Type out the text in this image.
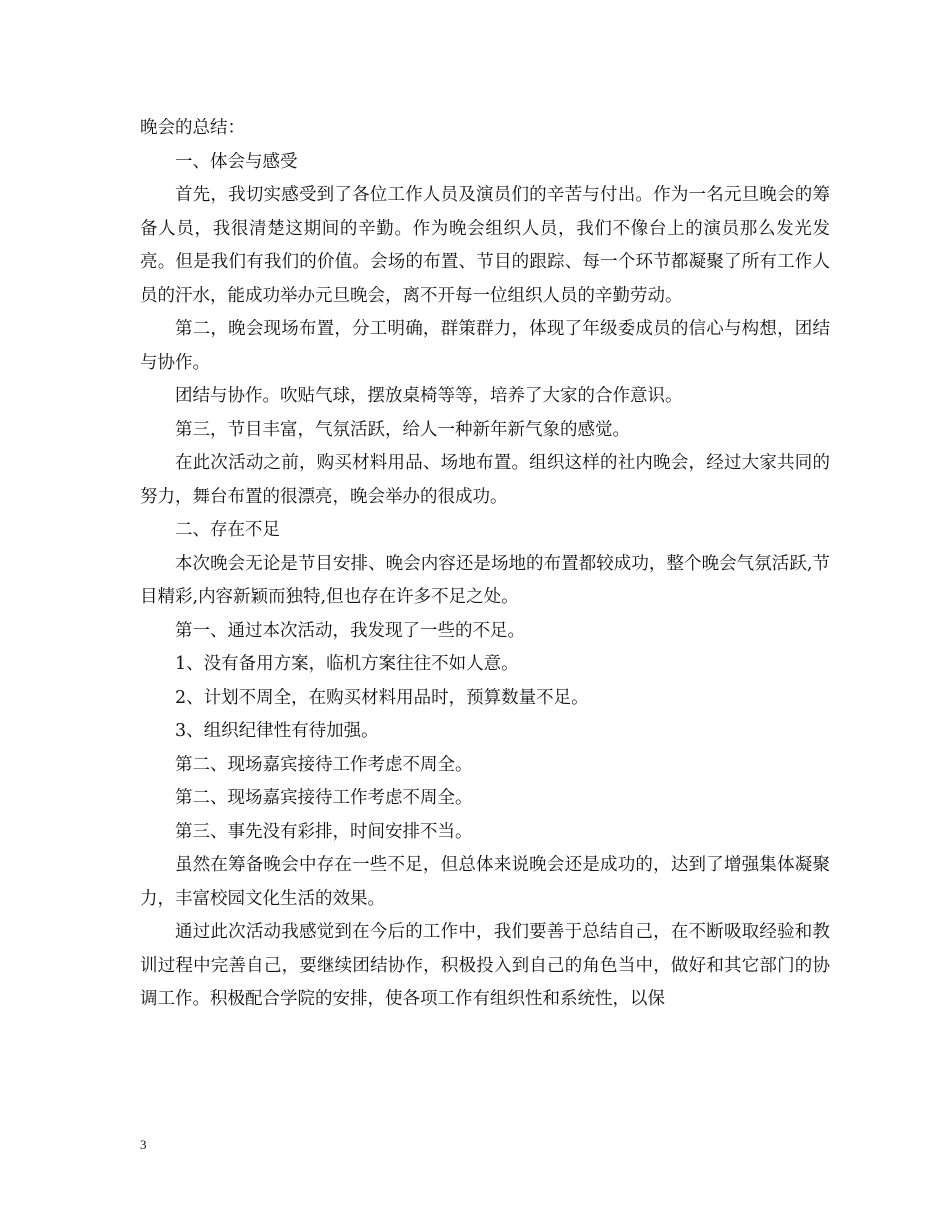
晚会的总结：

一、体会与感受

首先，我切实感受到了各位工作人员及演员们的辛苦与付出。作为一名元旦晚会的筹备人员，我很清楚这期间的辛勤。作为晚会组织人员，我们不像台上的演员那么发光发亮。但是我们有我们的价值。会场的布置、节目的跟踪、每一个环节都凝聚了所有工作人员的汗水，能成功举办元旦晚会，离不开每一位组织人员的辛勤劳动。

第二，晚会现场布置，分工明确，群策群力，体现了年级委成员的信心与构想，团结与协作。

团结与协作。吹贴气球，摆放桌椅等等，培养了大家的合作意识。

第三，节目丰富，气氛活跃，给人一种新年新气象的感觉。

在此次活动之前，购买材料用品、场地布置。组织这样的社内晚会，经过大家共同的努力，舞台布置的很漂亮，晚会举办的很成功。

二、存在不足

本次晚会无论是节目安排、晚会内容还是场地的布置都较成功，整个晚会气氛活跃,节目精彩,内容新颖而独特,但也存在许多不足之处。

第一、通过本次活动，我发现了一些的不足。

1、没有备用方案，临机方案往往不如人意。

2、计划不周全，在购买材料用品时，预算数量不足。

3、组织纪律性有待加强。

第二、现场嘉宾接待工作考虑不周全。

第二、现场嘉宾接待工作考虑不周全。

第三、事先没有彩排，时间安排不当。

虽然在筹备晚会中存在一些不足，但总体来说晚会还是成功的，达到了增强集体凝聚力，丰富校园文化生活的效果。

通过此次活动我感觉到在今后的工作中，我们要善于总结自己，在不断吸取经验和教训过程中完善自己，要继续团结协作，积极投入到自己的角色当中，做好和其它部门的协调工作。积极配合学院的安排，使各项工作有组织性和系统性，以保

3
